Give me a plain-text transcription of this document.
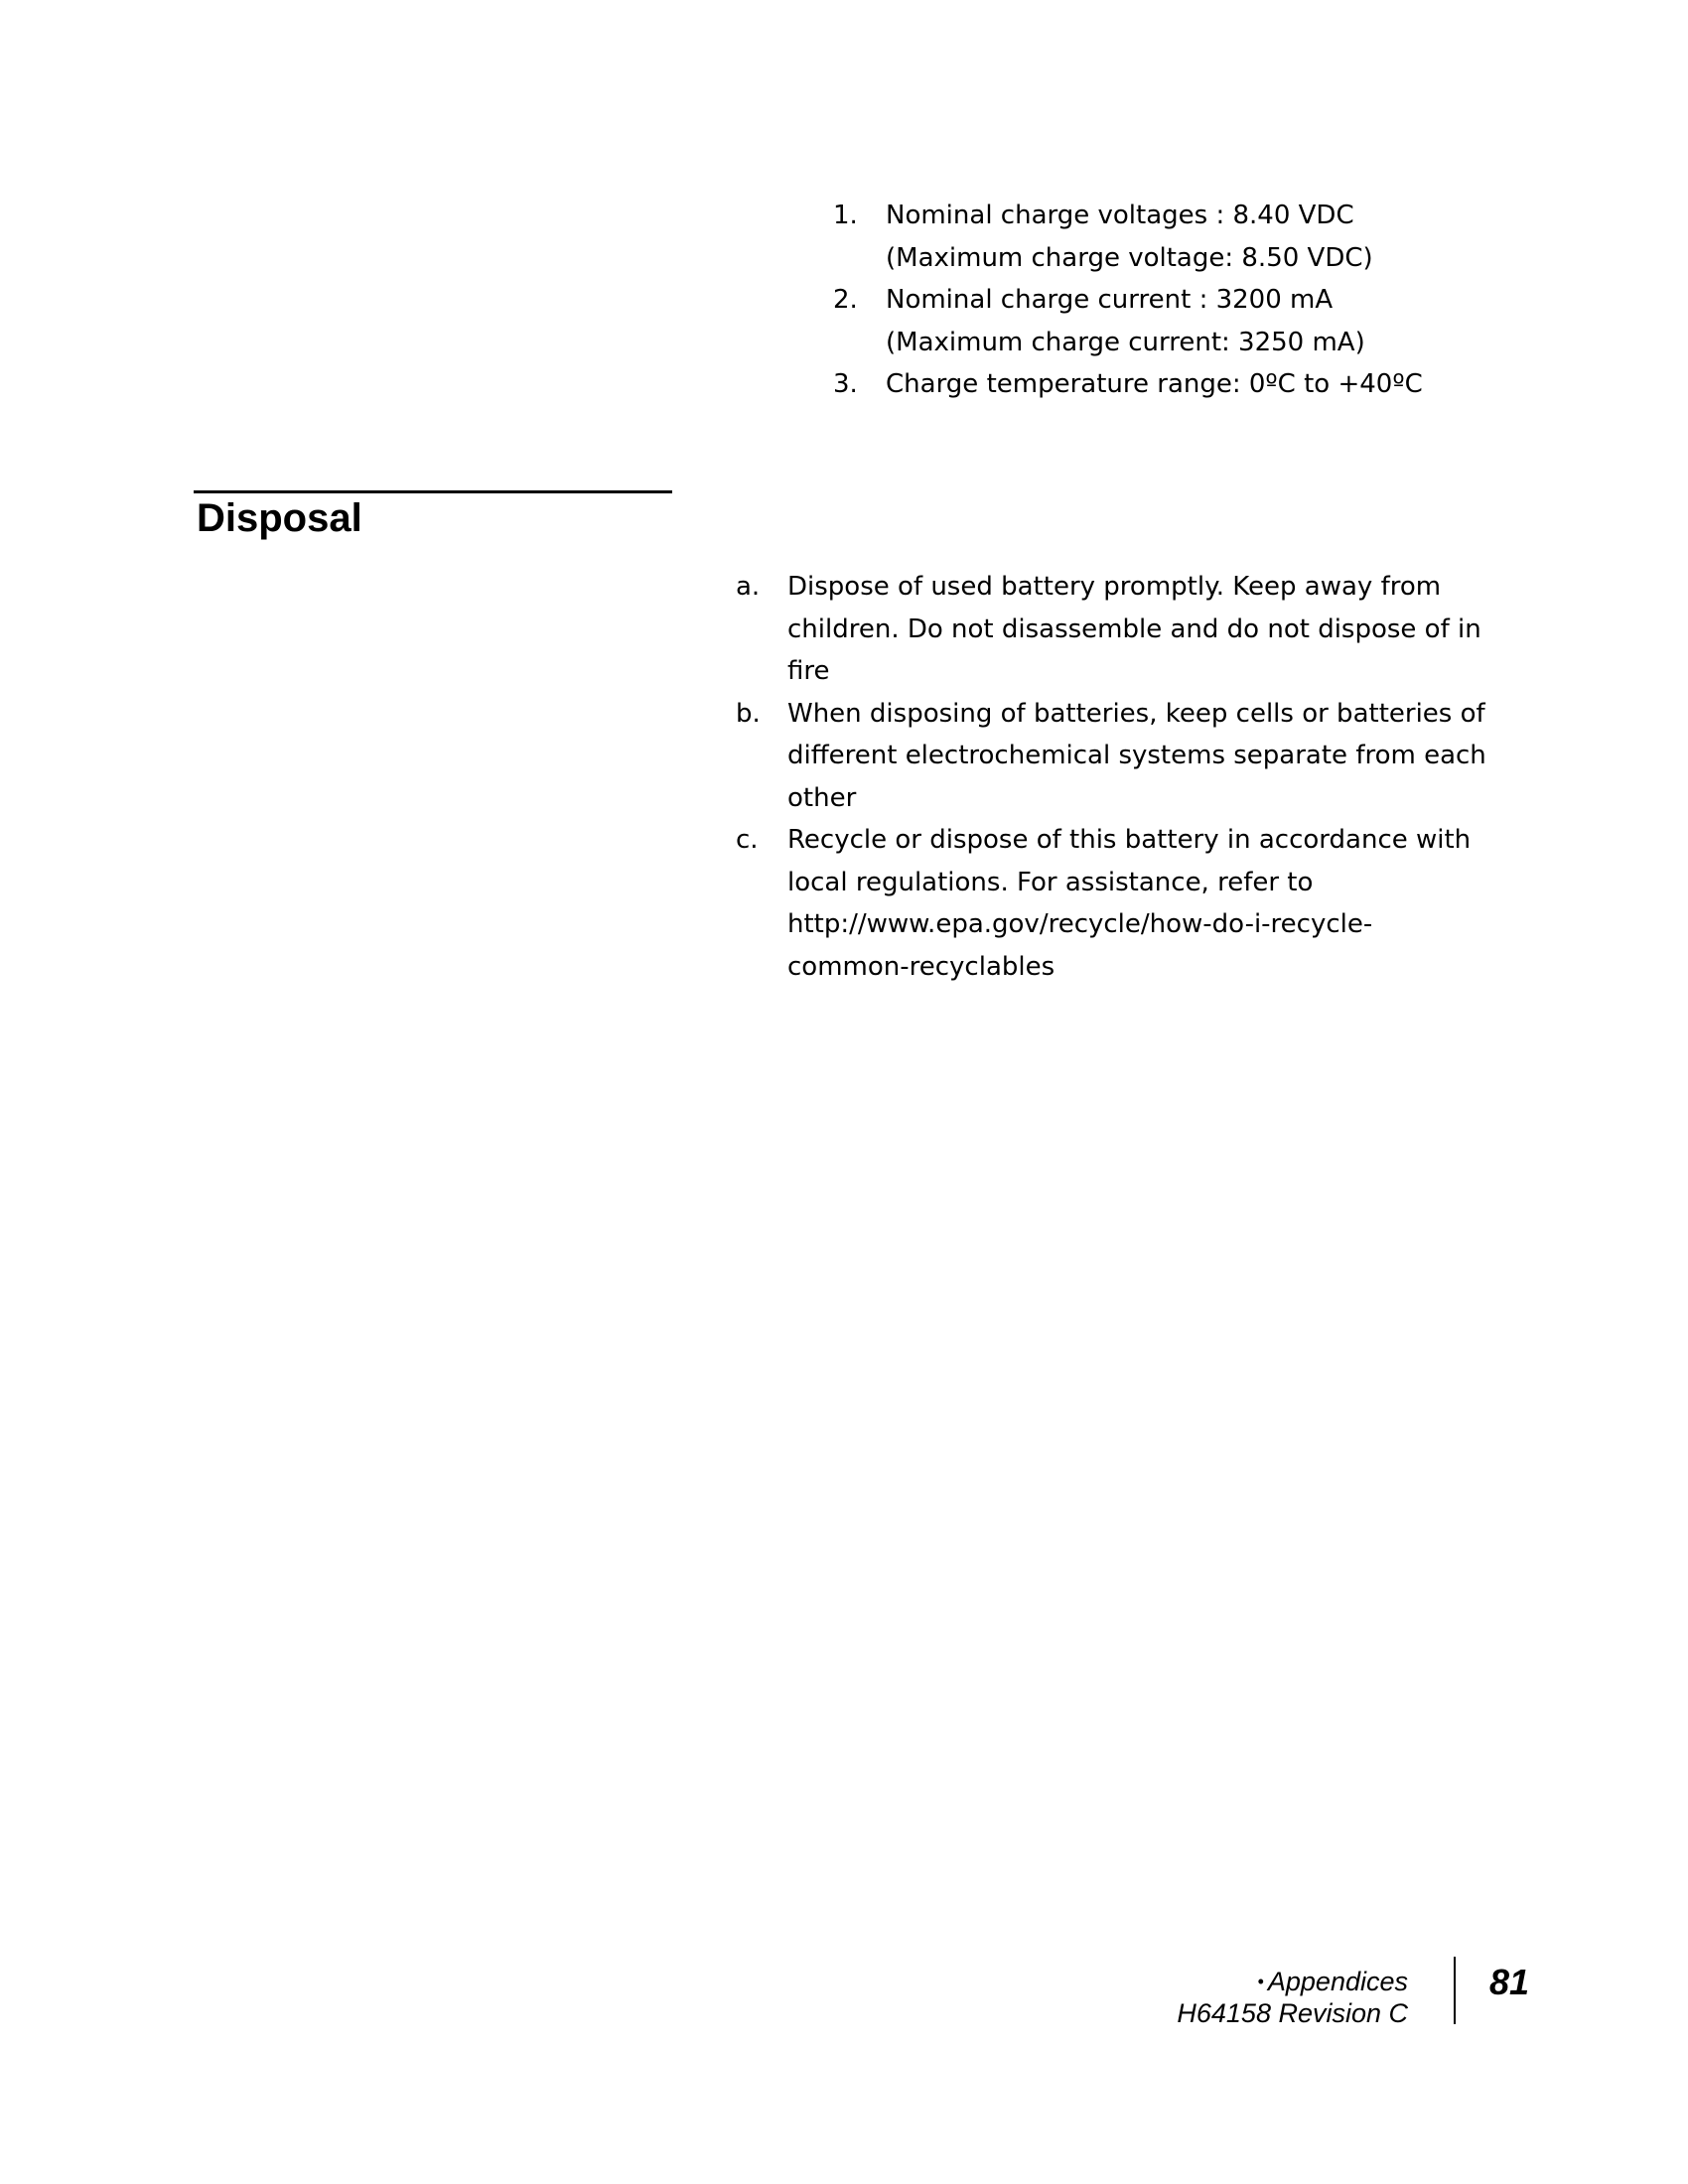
1. Nominal charge voltages : 8.40 VDC
(Maximum charge voltage: 8.50 VDC)
2. Nominal charge current : 3200 mA
(Maximum charge current: 3250 mA)
3. Charge temperature range: 0ºC to +40ºC
Disposal
a. Dispose of used battery promptly. Keep away from
children. Do not disassemble and do not dispose of in
fire
b. When disposing of batteries, keep cells or batteries of
different electrochemical systems separate from each
other
c. Recycle or dispose of this battery in accordance with
local regulations. For assistance, refer to
http://www.epa.gov/recycle/how-do-i-recycle-
common-recyclables
• Appendices
H64158 Revision C
81
